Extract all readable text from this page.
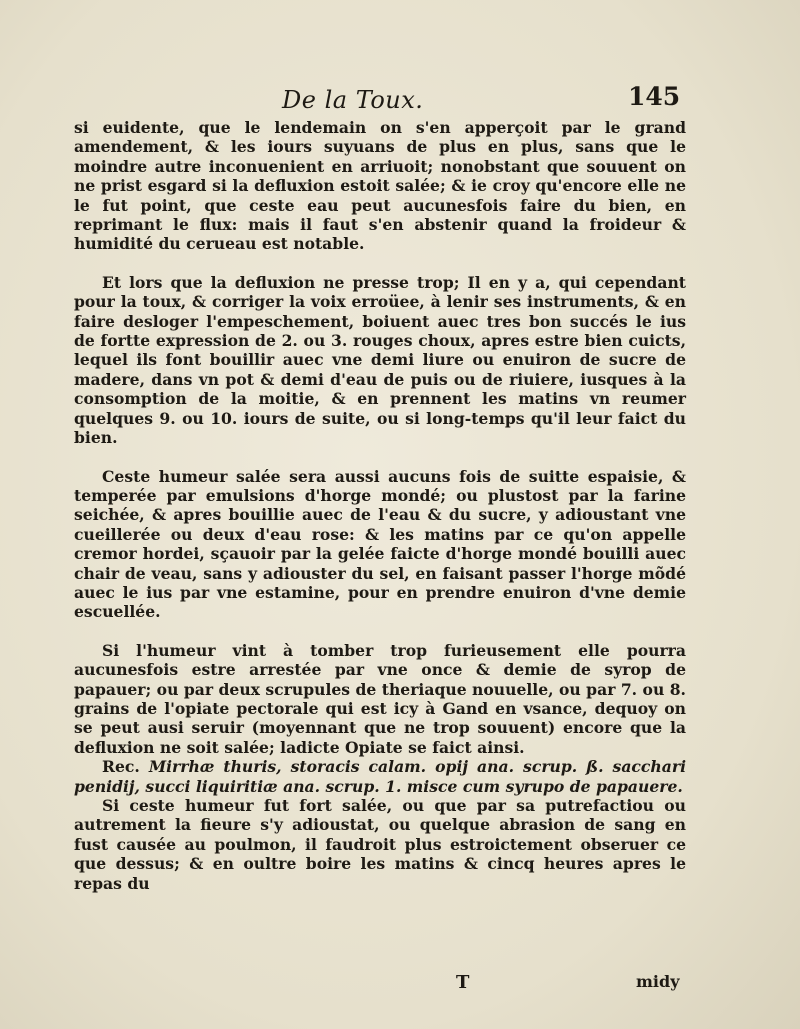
De la Toux.	145

si euidente, que le lendemain on s'en apperçoit par le grand amendement, & les iours suyuans de plus en plus, sans que le moindre autre inconuenient en arriuoit; nonobstant que souuent on ne prist esgard si la defluxion estoit salée; & ie croy qu'encore elle ne le fut point, que ceste eau peut aucunesfois faire du bien, en reprimant le flux: mais il faut s'en abstenir quand la froideur & humidité du cerueau est notable.

Et lors que la defluxion ne presse trop; Il en y a, qui cependant pour la toux, & corriger la voix erroüee, à lenir ses instruments, & en faire desloger l'empeschement, boiuent auec tres bon succés le ius de fortte expression de 2. ou 3. rouges choux, apres estre bien cuicts, lequel ils font bouillir auec vne demi liure ou enuiron de sucre de madere, dans vn pot & demi d'eau de puis ou de riuiere, iusques à la consomption de la moitie, & en prennent les matins vn reumer quelques 9. ou 10. iours de suite, ou si long-temps qu'il leur faict du bien.

Ceste humeur salée sera aussi aucuns fois de suitte espaisie, & temperée par emulsions d'horge mondé; ou plustost par la farine seichée, & apres bouillie auec de l'eau & du sucre, y adioustant vne cueillerée ou deux d'eau rose: & les matins par ce qu'on appelle cremor hordei, sçauoir par la gelée faicte d'horge mondé bouilli auec chair de veau, sans y adiouster du sel, en faisant passer l'horge mõdé auec le ius par vne estamine, pour en prendre enuiron d'vne demie escuellée.

Si l'humeur vint à tomber trop furieusement elle pourra aucunesfois estre arrestée par vne once & demie de syrop de papauer; ou par deux scrupules de theriaque nouuelle, ou par 7. ou 8. grains de l'opiate pectorale qui est icy à Gand en vsance, dequoy on se peut ausi seruir (moyennant que ne trop souuent) encore que la defluxion ne soit salée; ladicte Opiate se faict ainsi.

Rec. Mirrhæ thuris, storacis calam. opij ana. scrup. ß. sacchari penidij, succi liquiritiæ ana. scrup. 1. misce cum syrupo de papauere.

Si ceste humeur fut fort salée, ou que par sa putrefactiou ou autrement la fieure s'y adioustat, ou quelque abrasion de sang en fust causée au poulmon, il faudroit plus estroictement obseruer ce que dessus; & en oultre boire les matins & cincq heures apres le repas du

T	midy
